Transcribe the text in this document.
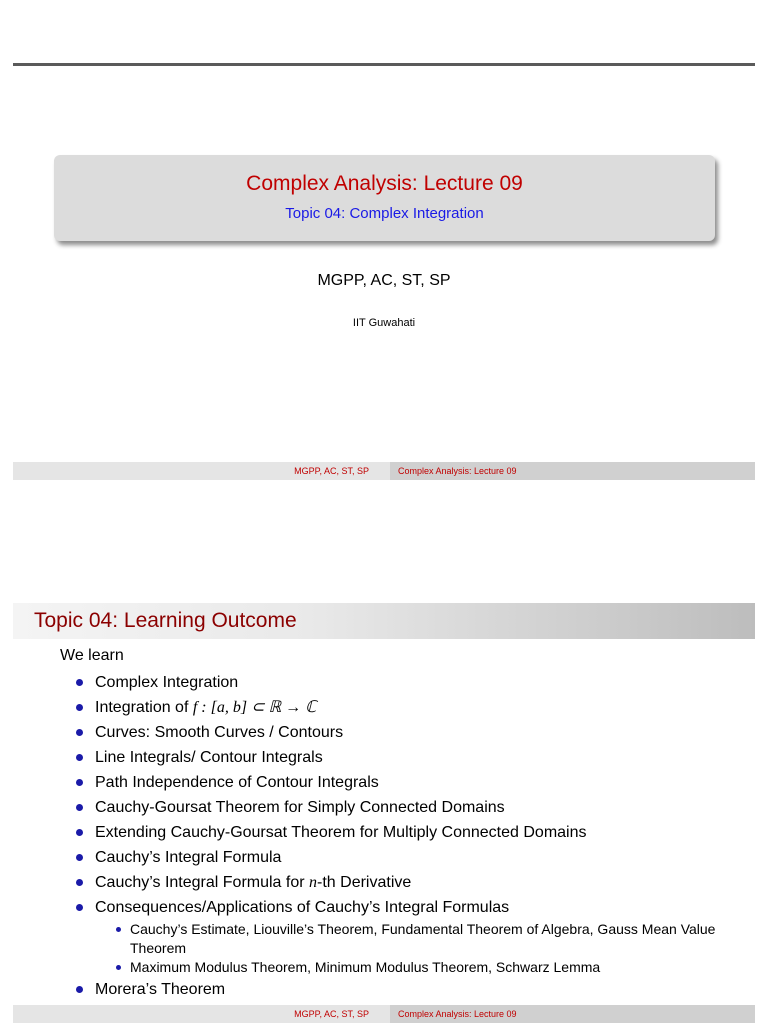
Complex Analysis: Lecture 09
Topic 04: Complex Integration
MGPP, AC, ST, SP
IIT Guwahati
MGPP, AC, ST, SP	Complex Analysis: Lecture 09
Topic 04: Learning Outcome
We learn
Complex Integration
Integration of f : [a, b] ⊂ ℝ → ℂ
Curves: Smooth Curves / Contours
Line Integrals/ Contour Integrals
Path Independence of Contour Integrals
Cauchy-Goursat Theorem for Simply Connected Domains
Extending Cauchy-Goursat Theorem for Multiply Connected Domains
Cauchy’s Integral Formula
Cauchy’s Integral Formula for n-th Derivative
Consequences/Applications of Cauchy’s Integral Formulas
Cauchy’s Estimate, Liouville’s Theorem, Fundamental Theorem of Algebra, Gauss Mean Value Theorem
Maximum Modulus Theorem, Minimum Modulus Theorem, Schwarz Lemma
Morera’s Theorem
MGPP, AC, ST, SP	Complex Analysis: Lecture 09
